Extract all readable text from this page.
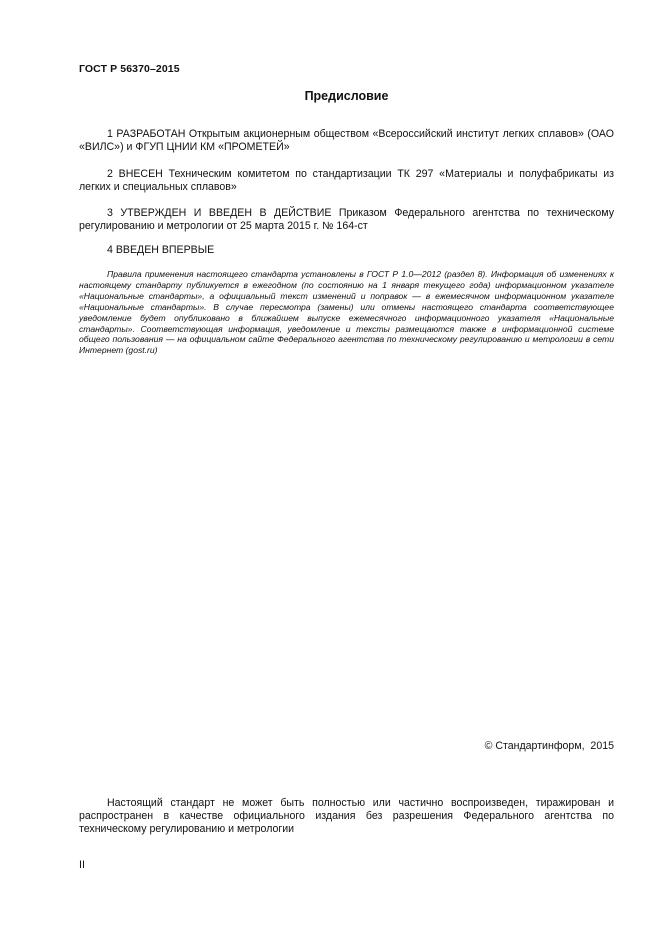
ГОСТ Р 56370–2015
Предисловие
1 РАЗРАБОТАН Открытым акционерным обществом «Всероссийский институт легких сплавов» (ОАО «ВИЛС») и ФГУП ЦНИИ КМ «ПРОМЕТЕЙ»
2 ВНЕСЕН Техническим комитетом по стандартизации ТК 297 «Материалы и полуфабрикаты из легких и специальных сплавов»
3 УТВЕРЖДЕН И ВВЕДЕН В ДЕЙСТВИЕ Приказом Федерального агентства по техническому регулированию и метрологии от 25 марта 2015 г. № 164-ст
4 ВВЕДЕН ВПЕРВЫЕ
Правила применения настоящего стандарта установлены в ГОСТ Р 1.0—2012 (раздел 8). Информация об изменениях к настоящему стандарту публикуется в ежегодном (по состоянию на 1 января текущего года) информационном указателе «Национальные стандарты», а официальный текст изменений и поправок — в ежемесячном информационном указателе «Национальные стандарты». В случае пересмотра (замены) или отмены настоящего стандарта соответствующее уведомление будет опубликовано в ближайшем выпуске ежемесячного информационного указателя «Национальные стандарты». Соответствующая информация, уведомление и тексты размещаются также в информационной системе общего пользования — на официальном сайте Федерального агентства по техническому регулированию и метрологии в сети Интернет (gost.ru)
© Стандартинформ,  2015
Настоящий стандарт не может быть полностью или частично воспроизведен, тиражирован и распространен в качестве официального издания без разрешения Федерального агентства по техническому регулированию и метрологии
II
